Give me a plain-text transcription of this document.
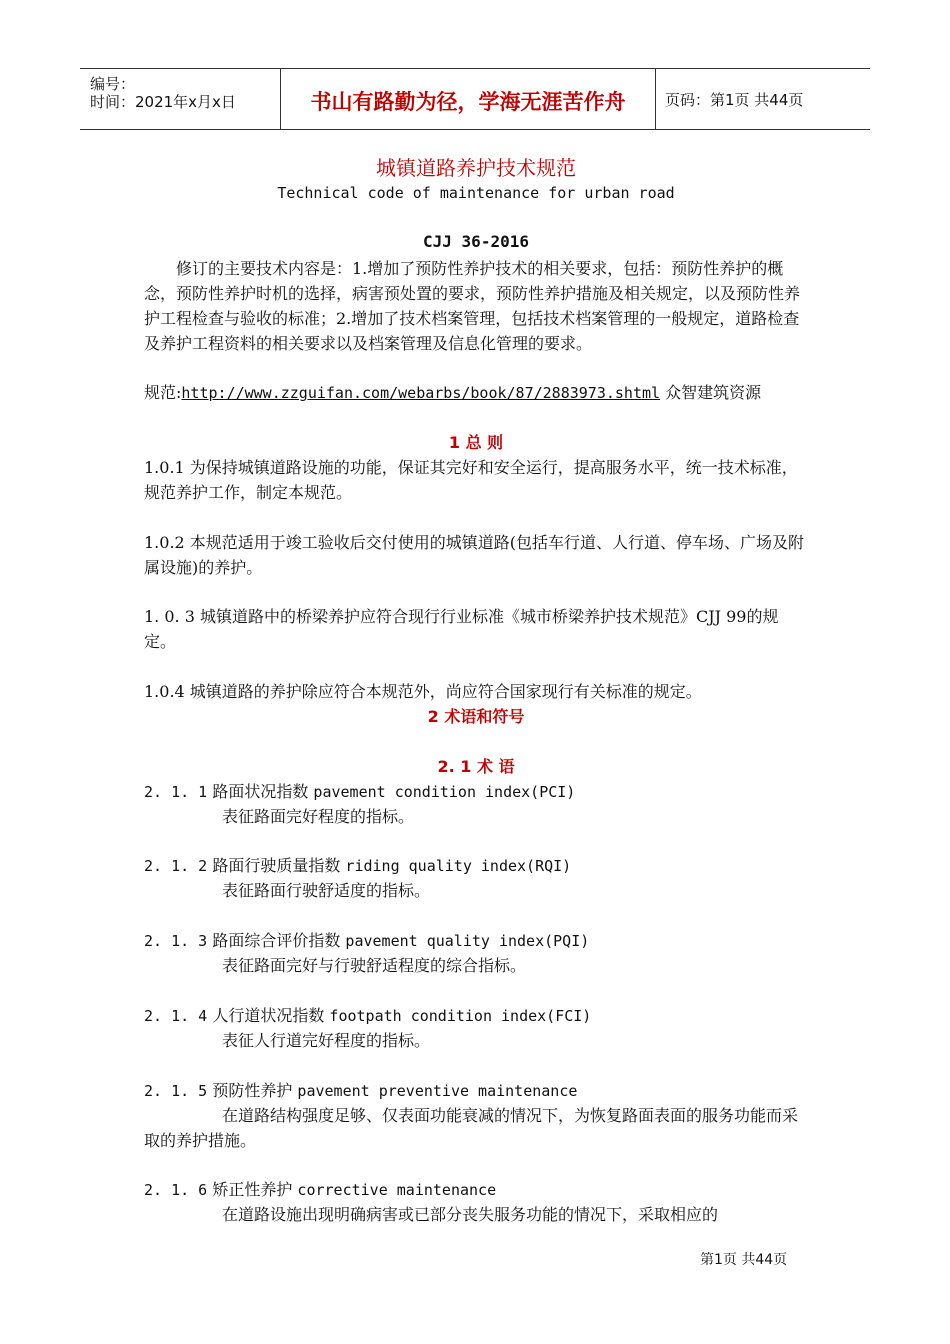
编号：
时间：2021年x月x日	书山有路勤为径，学海无涯苦作舟	页码：第1页 共44页
城镇道路养护技术规范
Technical code of maintenance for urban road
CJJ 36-2016
修订的主要技术内容是：1.增加了预防性养护技术的相关要求，包括：预防性养护的概念，预防性养护时机的选择，病害预处置的要求，预防性养护措施及相关规定，以及预防性养护工程检查与验收的标准；2.增加了技术档案管理，包括技术档案管理的一般规定，道路检查及养护工程资料的相关要求以及档案管理及信息化管理的要求。
规范:http://www.zzguifan.com/webarbs/book/87/2883973.shtml 众智建筑资源
1 总 则
1.0.1 为保持城镇道路设施的功能，保证其完好和安全运行，提高服务水平，统一技术标准，规范养护工作，制定本规范。
1.0.2 本规范适用于竣工验收后交付使用的城镇道路(包括车行道、人行道、停车场、广场及附属设施)的养护。
1. 0. 3 城镇道路中的桥梁养护应符合现行行业标准《城市桥梁养护技术规范》CJJ 99的规定。
1.0.4 城镇道路的养护除应符合本规范外，尚应符合国家现行有关标准的规定。
2 术语和符号
2. 1 术 语
2. 1. 1 路面状况指数 pavement condition index(PCI)
表征路面完好程度的指标。
2. 1. 2 路面行驶质量指数 riding quality index(RQI)
表征路面行驶舒适度的指标。
2. 1. 3 路面综合评价指数 pavement quality index(PQI)
表征路面完好与行驶舒适程度的综合指标。
2. 1. 4 人行道状况指数 footpath condition index(FCI)
表征人行道完好程度的指标。
2. 1. 5 预防性养护 pavement preventive maintenance
在道路结构强度足够、仅表面功能衰减的情况下，为恢复路面表面的服务功能而采取的养护措施。
2. 1. 6 矫正性养护 corrective maintenance
在道路设施出现明确病害或已部分丧失服务功能的情况下，采取相应的
第1页 共44页
